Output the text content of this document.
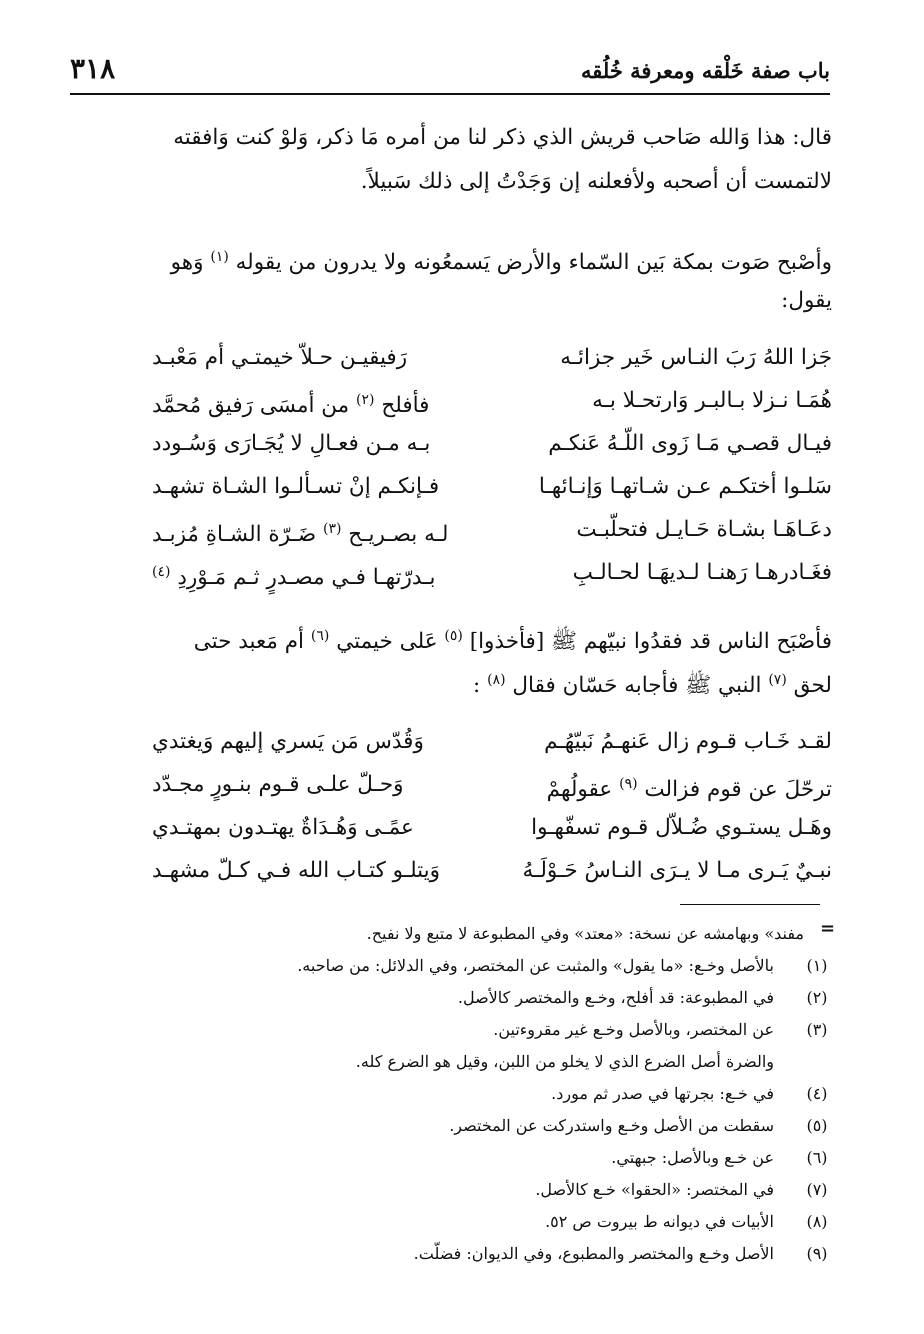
باب صفة خَلْقه ومعرفة خُلُقه
٣١٨
قال: هذا وَالله صَاحب قريش الذي ذكر لنا من أمره مَا ذكر، وَلوْ كنت وَافقته
لالتمست أن أصحبه ولأفعلنه إن وَجَدْتُ إلى ذلك سَبيلاً.
وأصْبح صَوت بمكة بَين السّماء والأرض يَسمعُونه ولا يدرون من يقوله $^{(١)}$ وَهو
يقول:
جَزا اللهُ رَبَ النـاس خَير جزائـه
رَفيقيـن حـلاّ خيمتـي أم مَعْبـد
هُمَـا نـزلا بـالبـر وَارتحـلا بـه
فأفلح $^{(٢)}$ من أمسَى رَفيق مُحمَّد
فيـال قصـي مَـا زَوى اللّـهُ عَنكـم
بـه مـن فعـالِ لا يُجَـارَى وَسُـودد
سَلـوا أختكـم عـن شـاتهـا وَإنـائهـا
فـإنكـم إنْ تسـألـوا الشـاة تشهـد
دعَـاهَـا بشـاة حَـايـل فتحلّبـت
لـه بصـريـح $^{(٣)}$ ضَـرّة الشـاةِ مُزبـد
فغَـادرهـا رَهنـا لـديهَـا لحـالـبِ
بـدرّتهـا فـي مصـدرٍ ثـم مَـوْرِدِ $^{(٤)}$
فأصْبَح الناس قد فقدُوا نبيّهم ﷺ [فأخذوا] $^{(٥)}$ عَلى خيمتي $^{(٦)}$ أم مَعبد حتى
لحق $^{(٧)}$ النبي ﷺ فأجابه حَسّان فقال $^{(٨)}$ :
لقـد خَـاب قـوم زال عَنهـمُ نَبيّهُـم
وَقُدّس مَن يَسري إليهم وَيغتدي
ترحّلَ عن قوم فزالت $^{(٩)}$ عقولُهمْ
وَحـلّ علـى قـوم بنـورٍ مجـدّد
وهَـل يستـوي ضُـلاّل قـوم تسفّهـوا
عمًـى وَهُـدَاةٌ يهتـدون بمهتـدي
نبـيٌ يَـرى مـا لا يـرَى النـاسُ حَـوْلَـهُ
وَيتلـو كتـاب الله فـي كـلّ مشهـد
=
مفند» وبهامشه عن نسخة: «معتد» وفي المطبوعة لا متبع ولا نفيح.
(١)
بالأصل وخـع: «ما يقول» والمثبت عن المختصر، وفي الدلائل: من صاحبه.
(٢)
في المطبوعة: قد أفلح، وخـع والمختصر كالأصل.
(٣)
عن المختصر، وبالأصل وخـع غير مقروءتين.
والضرة أصل الضرع الذي لا يخلو من اللبن، وقيل هو الضرع كله.
(٤)
في خـع: بجرتها في صدر ثم مورد.
(٥)
سقطت من الأصل وخـع واستدركت عن المختصر.
(٦)
عن خـع وبالأصل: جبهتي.
(٧)
في المختصر: «الحقوا» خـع كالأصل.
(٨)
الأبيات في ديوانه ط بيروت ص ٥٢.
(٩)
الأصل وخـع والمختصر والمطبوع، وفي الديوان: فضلّت.
